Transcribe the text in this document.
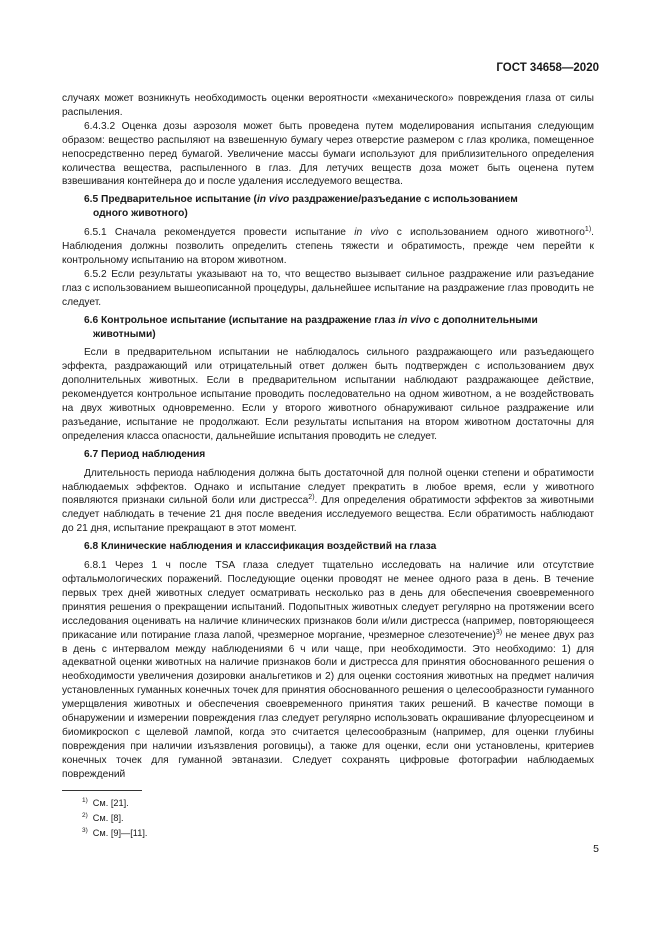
ГОСТ 34658—2020

случаях может возникнуть необходимость оценки вероятности «механического» повреждения глаза от силы распыления.

6.4.3.2 Оценка дозы аэрозоля может быть проведена путем моделирования испытания следующим образом: вещество распыляют на взвешенную бумагу через отверстие размером с глаз кролика, помещенное непосредственно перед бумагой. Увеличение массы бумаги используют для приблизительного определения количества вещества, распыленного в глаз. Для летучих веществ доза может быть оценена путем взвешивания контейнера до и после удаления исследуемого вещества.

6.5 Предварительное испытание (in vivo раздражение/разъедание с использованием
одного животного)

6.5.1 Сначала рекомендуется провести испытание in vivo с использованием одного животного$^{1)}$. Наблюдения должны позволить определить степень тяжести и обратимость, прежде чем перейти к контрольному испытанию на втором животном.

6.5.2 Если результаты указывают на то, что вещество вызывает сильное раздражение или разъедание глаз с использованием вышеописанной процедуры, дальнейшее испытание на раздражение глаз проводить не следует.

6.6 Контрольное испытание (испытание на раздражение глаз in vivo с дополнительными
животными)

Если в предварительном испытании не наблюдалось сильного раздражающего или разъедающего эффекта, раздражающий или отрицательный ответ должен быть подтвержден с использованием двух дополнительных животных. Если в предварительном испытании наблюдают раздражающее действие, рекомендуется контрольное испытание проводить последовательно на одном животном, а не воздействовать на двух животных одновременно. Если у второго животного обнаруживают сильное раздражение или разъедание, испытание не продолжают. Если результаты испытания на втором животном достаточны для определения класса опасности, дальнейшие испытания проводить не следует.

6.7 Период наблюдения

Длительность периода наблюдения должна быть достаточной для полной оценки степени и обратимости наблюдаемых эффектов. Однако и испытание следует прекратить в любое время, если у животного появляются признаки сильной боли или дистресса$^{2)}$. Для определения обратимости эффектов за животными следует наблюдать в течение 21 дня после введения исследуемого вещества. Если обратимость наблюдают до 21 дня, испытание прекращают в этот момент.

6.8 Клинические наблюдения и классификация воздействий на глаза

6.8.1 Через 1 ч после TSA глаза следует тщательно исследовать на наличие или отсутствие офтальмологических поражений. Последующие оценки проводят не менее одного раза в день. В течение первых трех дней животных следует осматривать несколько раз в день для обеспечения своевременного принятия решения о прекращении испытаний. Подопытных животных следует регулярно на протяжении всего исследования оценивать на наличие клинических признаков боли и/или дистресса (например, повторяющееся прикасание или потирание глаза лапой, чрезмерное моргание, чрезмерное слезотечение)$^{3)}$ не менее двух раз в день с интервалом между наблюдениями 6 ч или чаще, при необходимости. Это необходимо: 1) для адекватной оценки животных на наличие признаков боли и дистресса для принятия обоснованного решения о необходимости увеличения дозировки анальгетиков и 2) для оценки состояния животных на предмет наличия установленных гуманных конечных точек для принятия обоснованного решения о целесообразности гуманного умерщвления животных и обеспечения своевременного принятия таких решений. В качестве помощи в обнаружении и измерении повреждения глаз следует регулярно использовать окрашивание флуоресцеином и биомикроскоп с щелевой лампой, когда это считается целесообразным (например, для оценки глубины повреждения при наличии изъязвления роговицы), а также для оценки, если они установлены, критериев конечных точек для гуманной эвтаназии. Следует сохранять цифровые фотографии наблюдаемых повреждений

$^{1)}$ См. [21].
$^{2)}$ См. [8].
$^{3)}$ См. [9]—[11].
5
